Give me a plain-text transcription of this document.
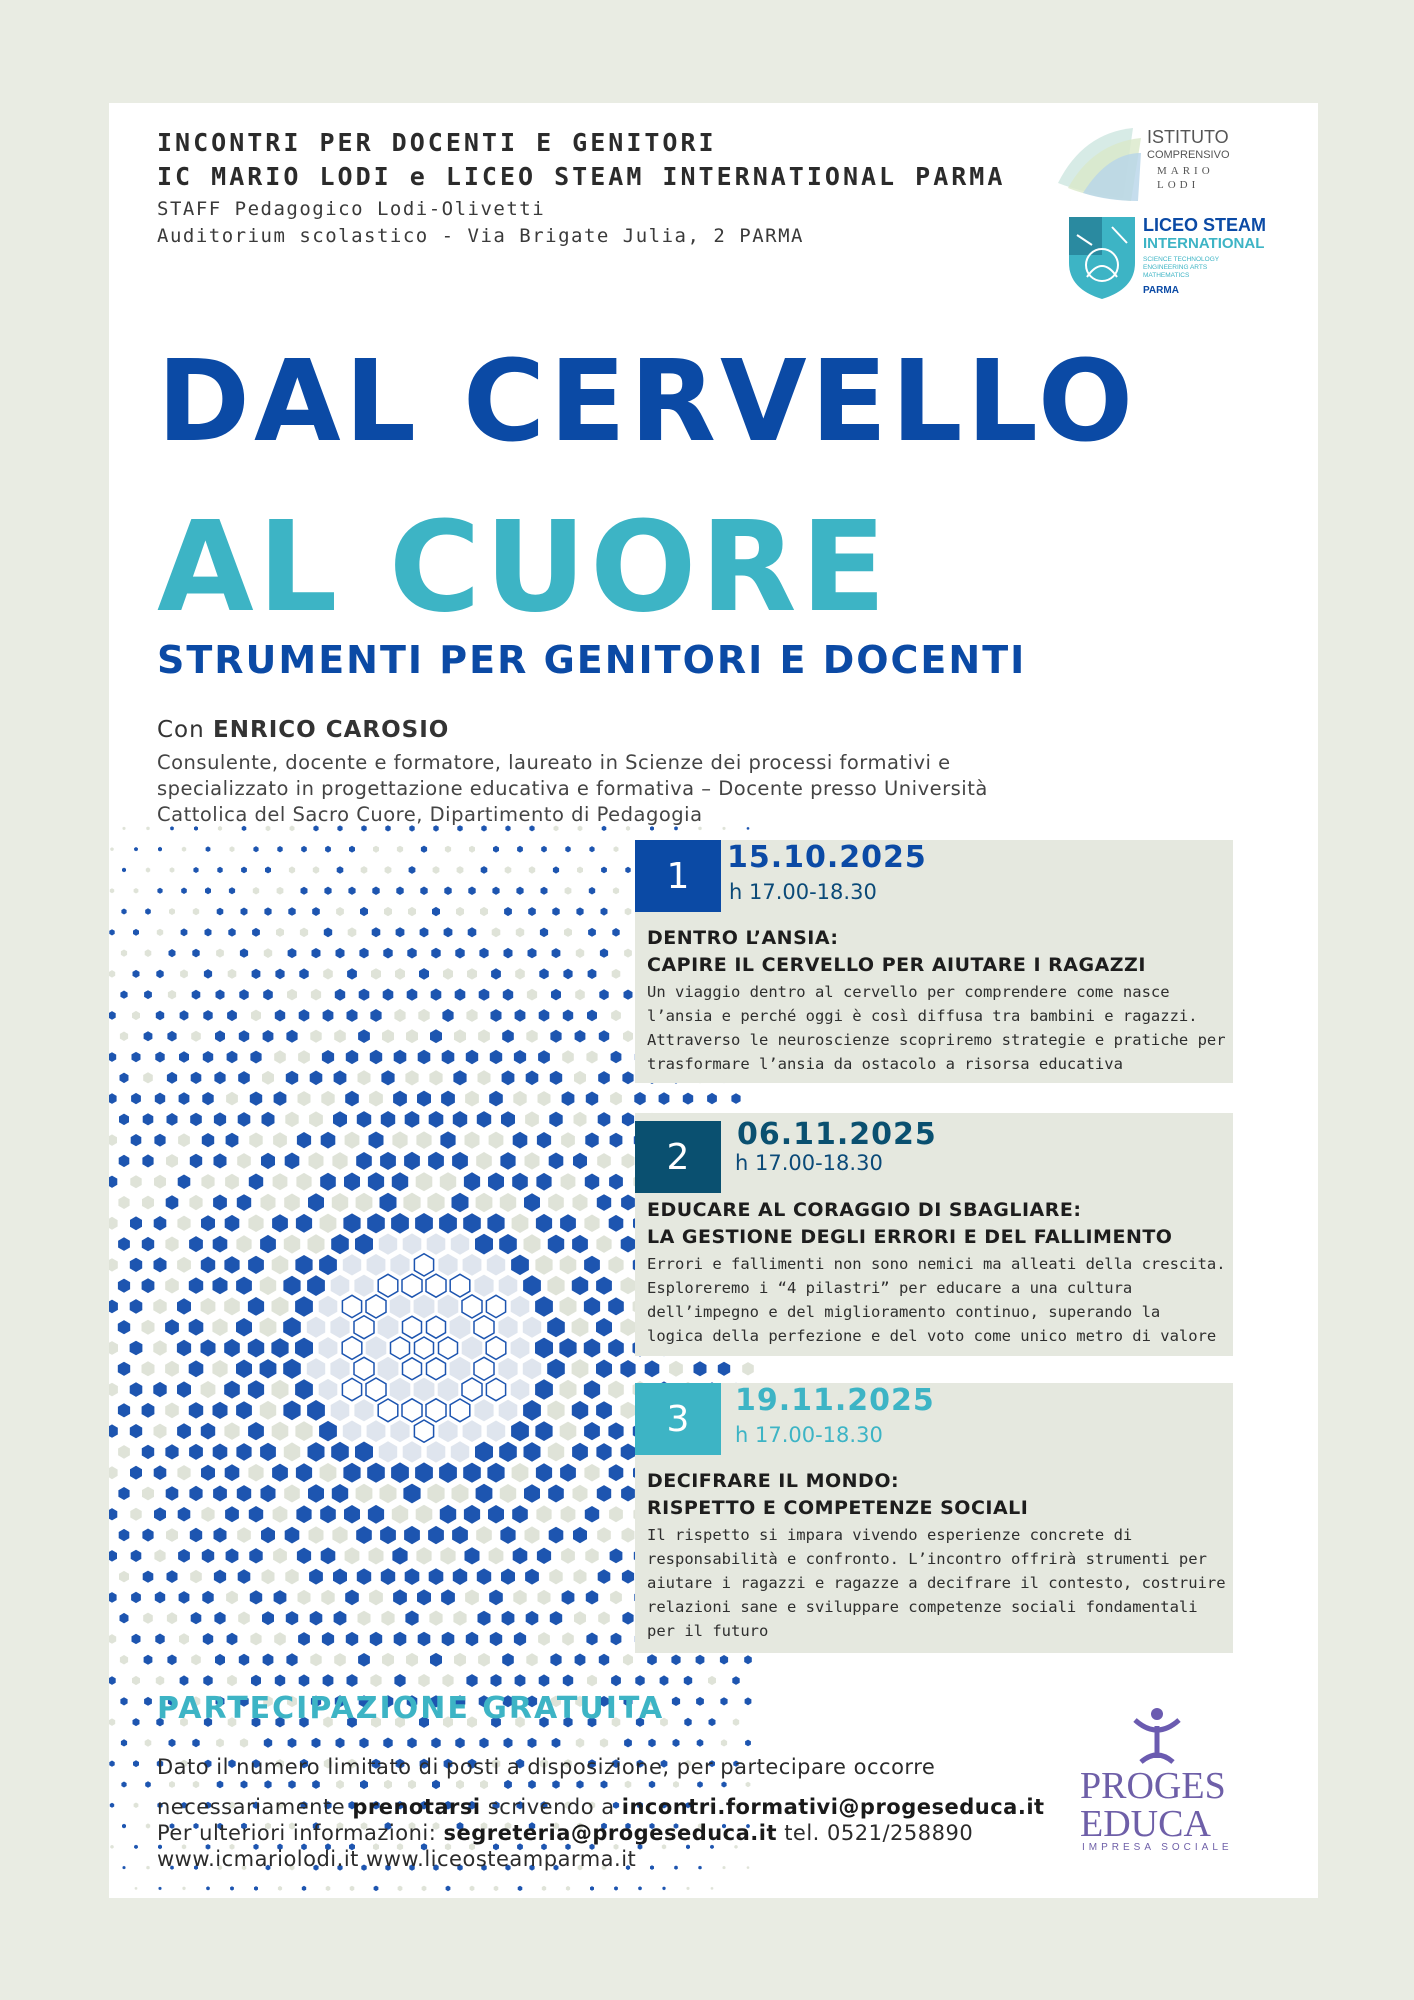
INCONTRI PER DOCENTI E GENITORI
IC MARIO LODI e LICEO STEAM INTERNATIONAL PARMA
STAFF Pedagogico Lodi-Olivetti
Auditorium scolastico - Via Brigate Julia, 2 PARMA
ISTITUTO
COMPRENSIVO
MARIO
LODI
LICEO STEAM
INTERNATIONAL
SCIENCE TECHNOLOGY
ENGINEERING ARTS
MATHEMATICS
PARMA
DAL CERVELLO
AL CUORE
STRUMENTI PER GENITORI E DOCENTI
Con ENRICO CAROSIO
Consulente, docente e formatore, laureato in Scienze dei processi formativi e
specializzato in progettazione educativa e formativa – Docente presso Università
Cattolica del Sacro Cuore, Dipartimento di Pedagogia
1	15.10.2025
h 17.00-18.30
DENTRO L’ANSIA:
CAPIRE IL CERVELLO PER AIUTARE I RAGAZZI
Un viaggio dentro al cervello per comprendere come nasce
l’ansia e perché oggi è così diffusa tra bambini e ragazzi.
Attraverso le neuroscienze scopriremo strategie e pratiche per
trasformare l’ansia da ostacolo a risorsa educativa
2
06.11.2025
h 17.00-18.30
EDUCARE AL CORAGGIO DI SBAGLIARE:
LA GESTIONE DEGLI ERRORI E DEL FALLIMENTO
Errori e fallimenti non sono nemici ma alleati della crescita.
Esploreremo i “4 pilastri” per educare a una cultura
dell’impegno e del miglioramento continuo, superando la
logica della perfezione e del voto come unico metro di valore
3	19.11.2025
h 17.00-18.30
DECIFRARE IL MONDO:
RISPETTO E COMPETENZE SOCIALI
Il rispetto si impara vivendo esperienze concrete di
responsabilità e confronto. L’incontro offrirà strumenti per
aiutare i ragazzi e ragazze a decifrare il contesto, costruire
relazioni sane e sviluppare competenze sociali fondamentali
per il futuro
PARTECIPAZIONE GRATUITA
Dato il numero limitato di posti a disposizione, per partecipare occorre
necessariamente prenotarsi scrivendo a incontri.formativi@progeseduca.it
Per ulteriori informazioni: segreteria@progeseduca.it tel. 0521/258890
www.icmariolodi.it www.liceosteamparma.it
PROGES
EDUCA
IMPRESA SOCIALE
